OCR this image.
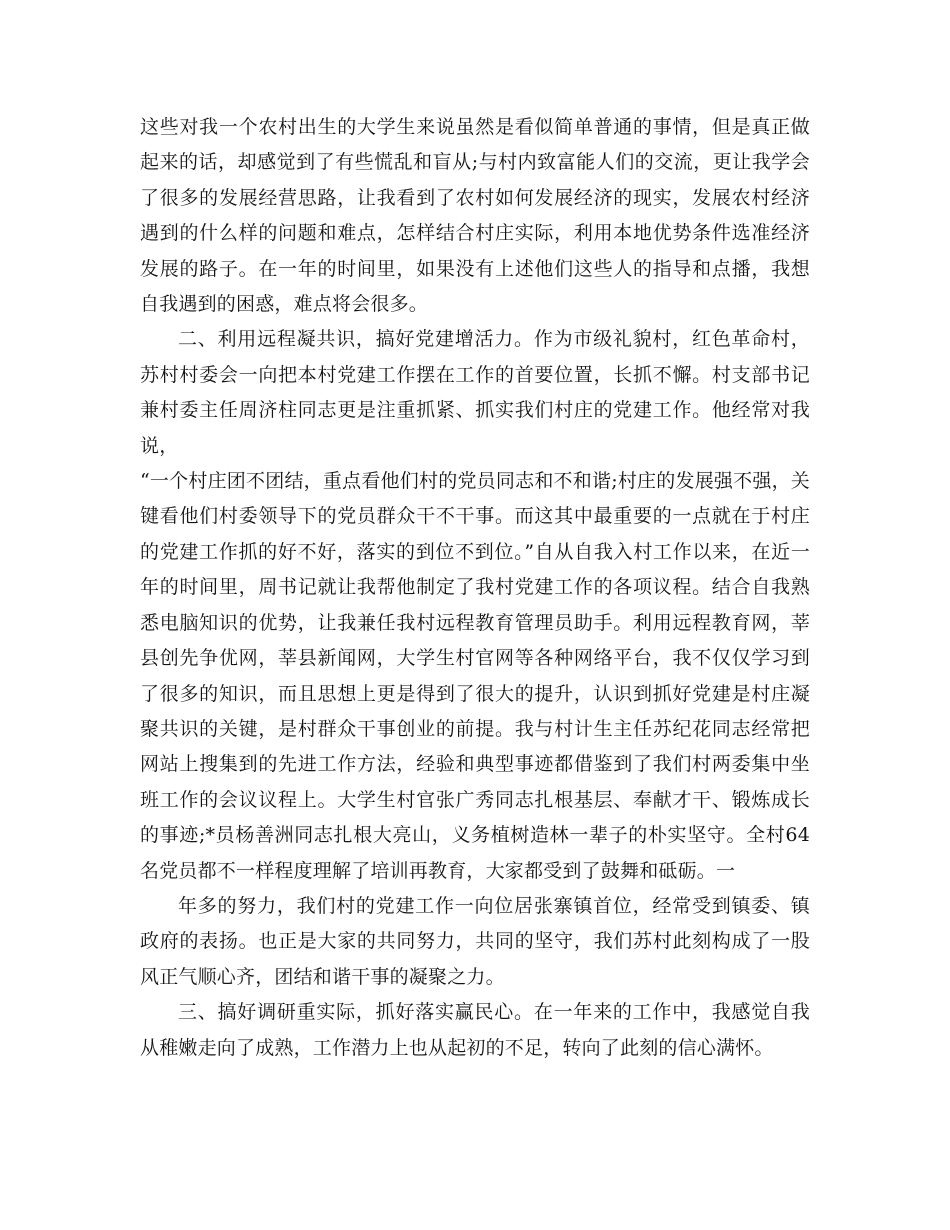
这些对我一个农村出生的大学生来说虽然是看似简单普通的事情，但是真正做起来的话，却感觉到了有些慌乱和盲从;与村内致富能人们的交流，更让我学会了很多的发展经营思路，让我看到了农村如何发展经济的现实，发展农村经济遇到的什么样的问题和难点，怎样结合村庄实际，利用本地优势条件选准经济发展的路子。在一年的时间里，如果没有上述他们这些人的指导和点播，我想自我遇到的困惑，难点将会很多。

二、利用远程凝共识，搞好党建增活力。作为市级礼貌村，红色革命村，苏村村委会一向把本村党建工作摆在工作的首要位置，长抓不懈。村支部书记兼村委主任周济柱同志更是注重抓紧、抓实我们村庄的党建工作。他经常对我说，

“一个村庄团不团结，重点看他们村的党员同志和不和谐;村庄的发展强不强，关键看他们村委领导下的党员群众干不干事。而这其中最重要的一点就在于村庄的党建工作抓的好不好，落实的到位不到位。”自从自我入村工作以来，在近一年的时间里，周书记就让我帮他制定了我村党建工作的各项议程。结合自我熟悉电脑知识的优势，让我兼任我村远程教育管理员助手。利用远程教育网，莘县创先争优网，莘县新闻网，大学生村官网等各种网络平台，我不仅仅学习到了很多的知识，而且思想上更是得到了很大的提升，认识到抓好党建是村庄凝聚共识的关键，是村群众干事创业的前提。我与村计生主任苏纪花同志经常把网站上搜集到的先进工作方法，经验和典型事迹都借鉴到了我们村两委集中坐班工作的会议议程上。大学生村官张广秀同志扎根基层、奉献才干、锻炼成长的事迹;*员杨善洲同志扎根大亮山，义务植树造林一辈子的朴实坚守。全村64名党员都不一样程度理解了培训再教育，大家都受到了鼓舞和砥砺。一

年多的努力，我们村的党建工作一向位居张寨镇首位，经常受到镇委、镇政府的表扬。也正是大家的共同努力，共同的坚守，我们苏村此刻构成了一股风正气顺心齐，团结和谐干事的凝聚之力。

三、搞好调研重实际，抓好落实赢民心。在一年来的工作中，我感觉自我从稚嫩走向了成熟，工作潜力上也从起初的不足，转向了此刻的信心满怀。
